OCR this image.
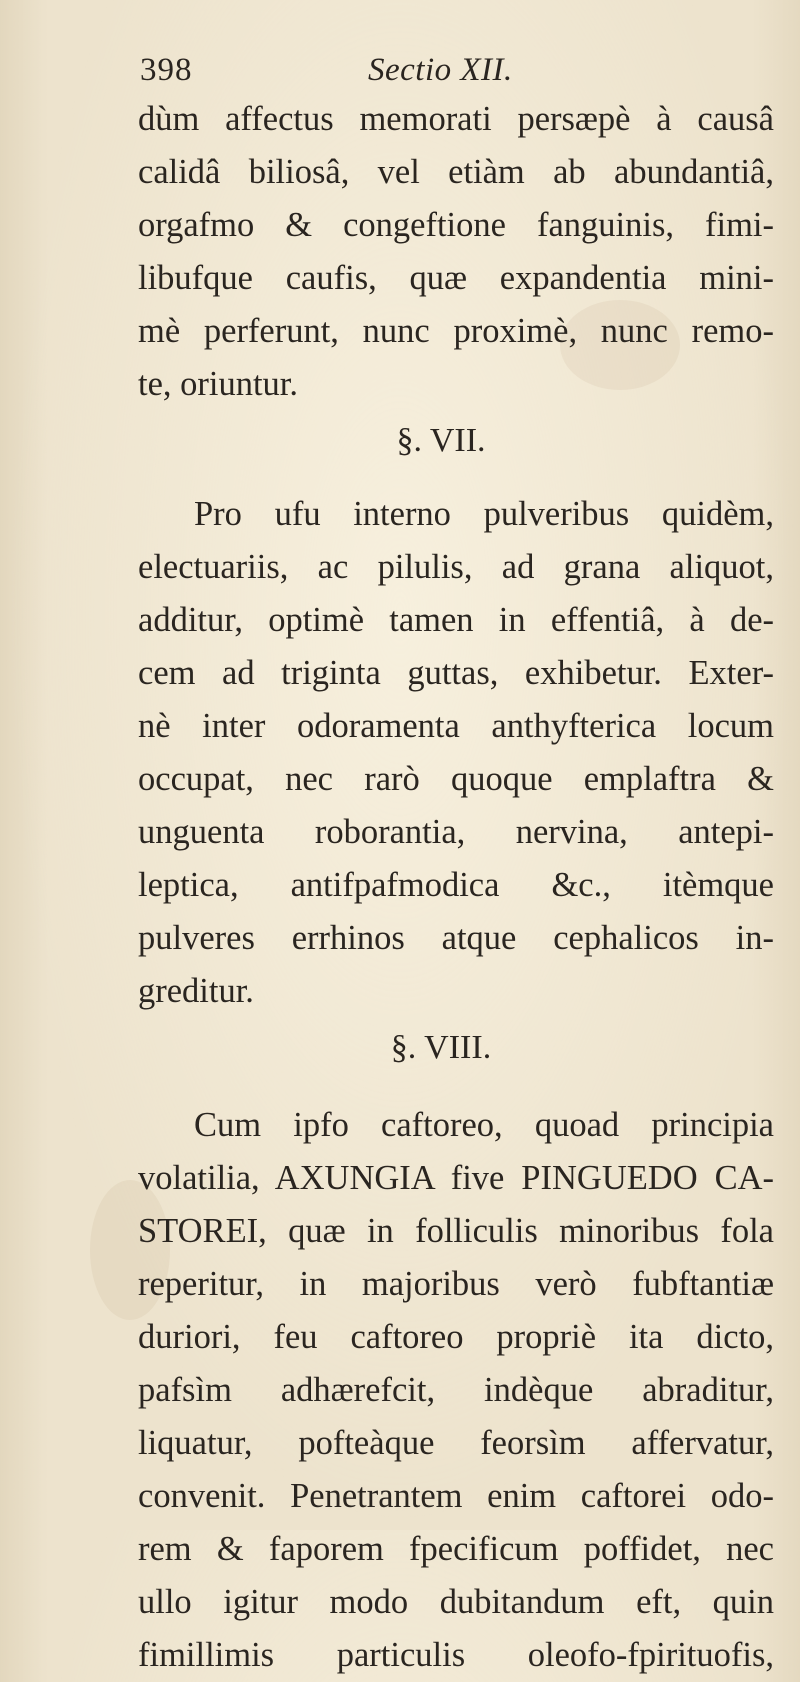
398	Sectio XII.
dùm affectus memorati persæpè à causâ
calidâ biliosâ, vel etiàm ab abundantiâ,
orgafmo & congeftione fanguinis, fimi-
libufque caufis, quæ expandentia mini-
mè perferunt, nunc proximè, nunc remo-
te, oriuntur.
§. VII.
Pro ufu interno pulveribus quidèm,
electuariis, ac pilulis, ad grana aliquot,
additur, optimè tamen in effentiâ, à de-
cem ad triginta guttas, exhibetur. Exter-
nè inter odoramenta anthyfterica locum
occupat, nec rarò quoque emplaftra &
unguenta roborantia, nervina, antepi-
leptica, antifpafmodica &c., itèmque
pulveres errhinos atque cephalicos in-
greditur.
§. VIII.
Cum ipfo caftoreo, quoad principia
volatilia, AXUNGIA five PINGUEDO CA-
STOREI, quæ in folliculis minoribus fola
reperitur, in majoribus verò fubftantiæ
duriori, feu caftoreo propriè ita dicto,
pafsìm adhærefcit, indèque abraditur,
liquatur, pofteàque feorsìm affervatur,
convenit. Penetrantem enim caftorei odo-
rem & faporem fpecificum poffidet, nec
ullo igitur modo dubitandum eft, quin
fimillimis particulis oleofo-fpirituofis,
